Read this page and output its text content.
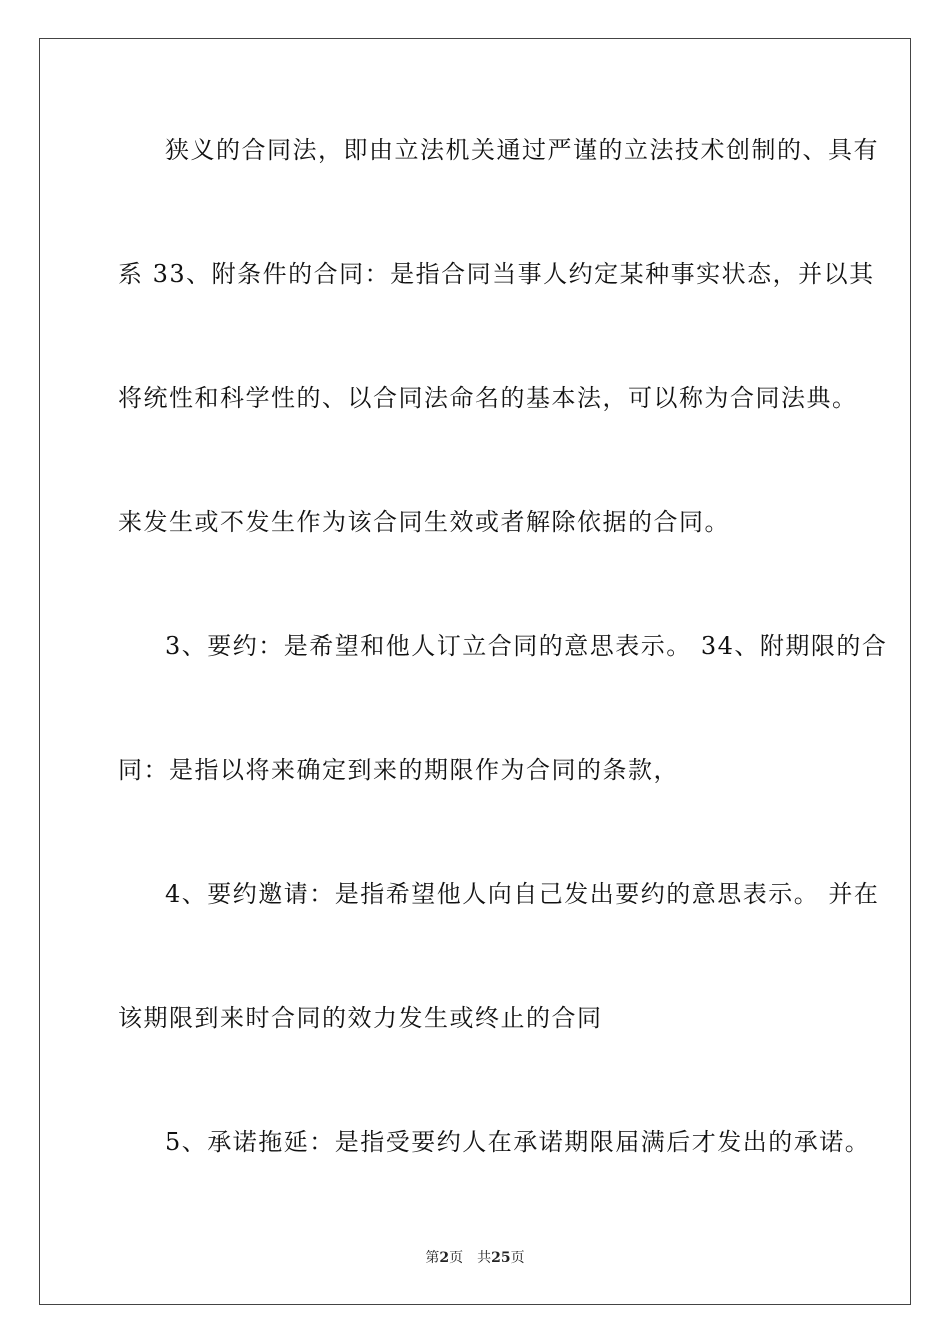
狭义的合同法，即由立法机关通过严谨的立法技术创制的、具有
系 33、附条件的合同：是指合同当事人约定某种事实状态，并以其
将统性和科学性的、以合同法命名的基本法，可以称为合同法典。
来发生或不发生作为该合同生效或者解除依据的合同。
3、要约：是希望和他人订立合同的意思表示。 34、附期限的合
同：是指以将来确定到来的期限作为合同的条款，
4、要约邀请：是指希望他人向自己发出要约的意思表示。 并在
该期限到来时合同的效力发生或终止的合同
5、承诺拖延：是指受要约人在承诺期限届满后才发出的承诺。
第2页 共25页
